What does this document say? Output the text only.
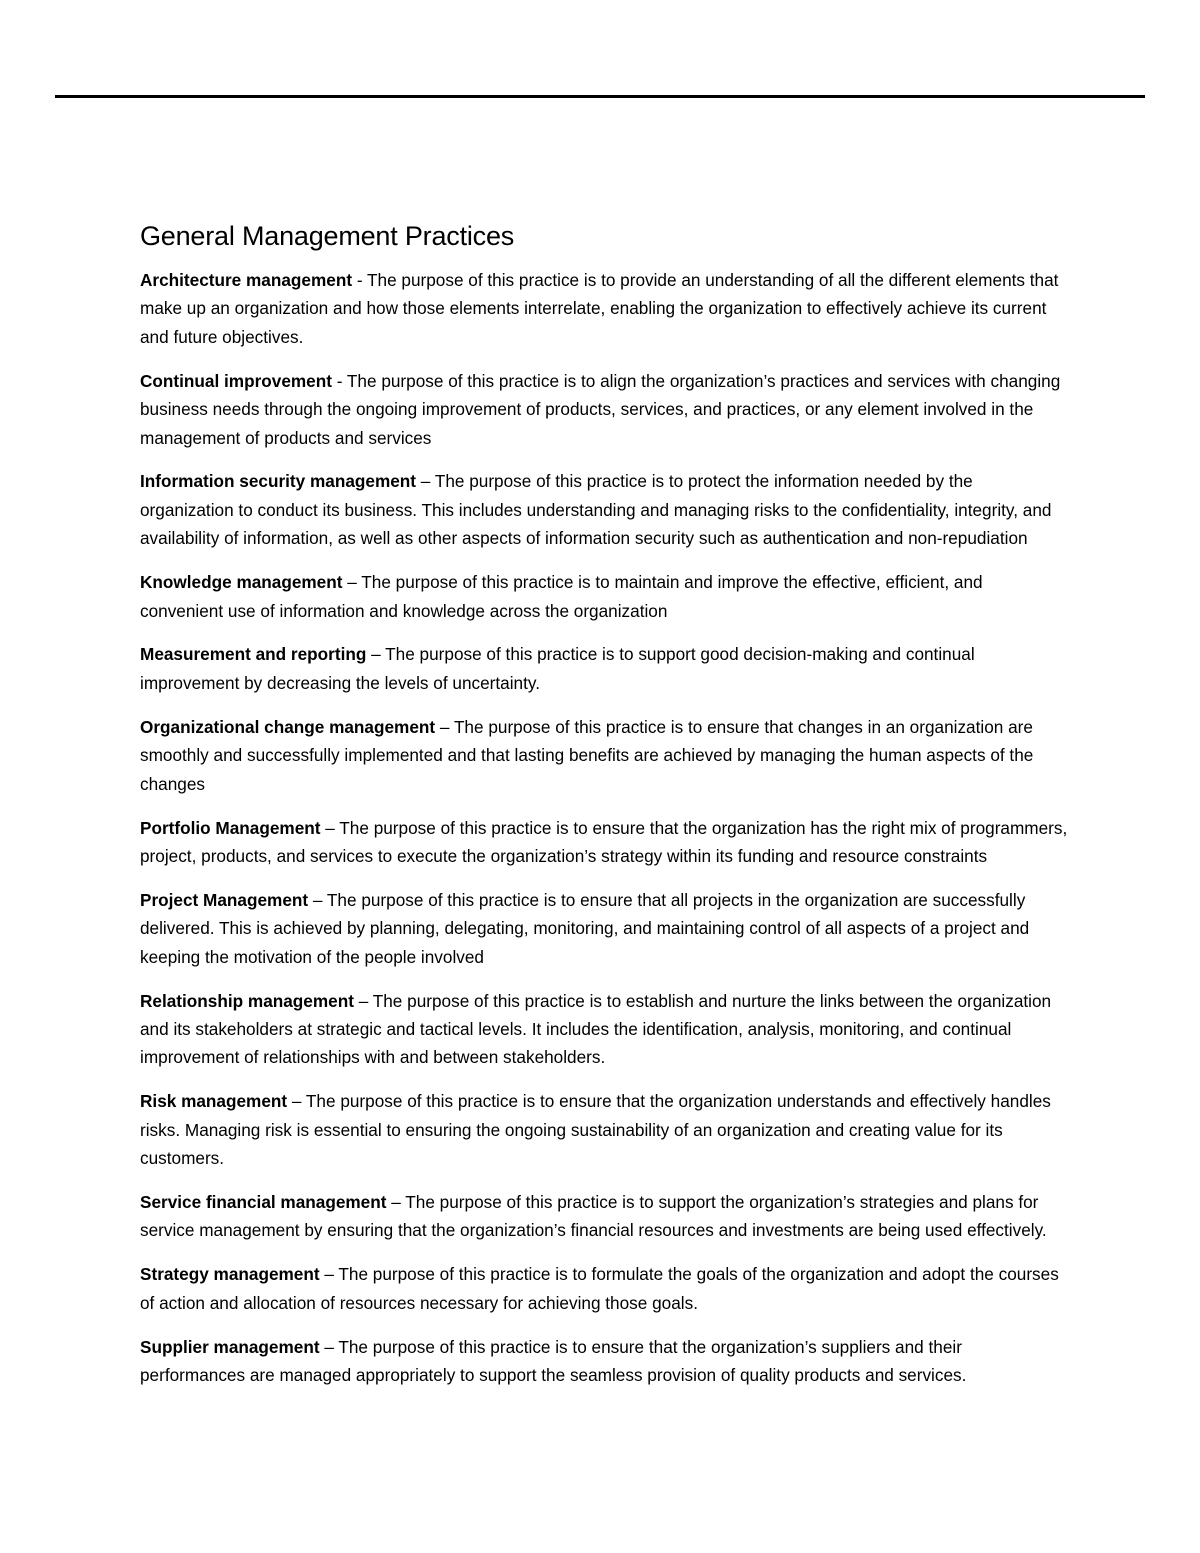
General Management Practices

Architecture management - The purpose of this practice is to provide an understanding of all the different elements that make up an organization and how those elements interrelate, enabling the organization to effectively achieve its current and future objectives.

Continual improvement - The purpose of this practice is to align the organization’s practices and services with changing business needs through the ongoing improvement of products, services, and practices, or any element involved in the management of products and services

Information security management – The purpose of this practice is to protect the information needed by the organization to conduct its business. This includes understanding and managing risks to the confidentiality, integrity, and availability of information, as well as other aspects of information security such as authentication and non-repudiation

Knowledge management – The purpose of this practice is to maintain and improve the effective, efficient, and convenient use of information and knowledge across the organization

Measurement and reporting – The purpose of this practice is to support good decision-making and continual improvement by decreasing the levels of uncertainty.

Organizational change management – The purpose of this practice is to ensure that changes in an organization are smoothly and successfully implemented and that lasting benefits are achieved by managing the human aspects of the changes

Portfolio Management – The purpose of this practice is to ensure that the organization has the right mix of programmers, project, products, and services to execute the organization’s strategy within its funding and resource constraints

Project Management – The purpose of this practice is to ensure that all projects in the organization are successfully delivered. This is achieved by planning, delegating, monitoring, and maintaining control of all aspects of a project and keeping the motivation of the people involved

Relationship management – The purpose of this practice is to establish and nurture the links between the organization and its stakeholders at strategic and tactical levels. It includes the identification, analysis, monitoring, and continual improvement of relationships with and between stakeholders.

Risk management – The purpose of this practice is to ensure that the organization understands and effectively handles risks. Managing risk is essential to ensuring the ongoing sustainability of an organization and creating value for its customers.

Service financial management – The purpose of this practice is to support the organization’s strategies and plans for service management by ensuring that the organization’s financial resources and investments are being used effectively.

Strategy management – The purpose of this practice is to formulate the goals of the organization and adopt the courses of action and allocation of resources necessary for achieving those goals.

Supplier management – The purpose of this practice is to ensure that the organization’s suppliers and their performances are managed appropriately to support the seamless provision of quality products and services.
